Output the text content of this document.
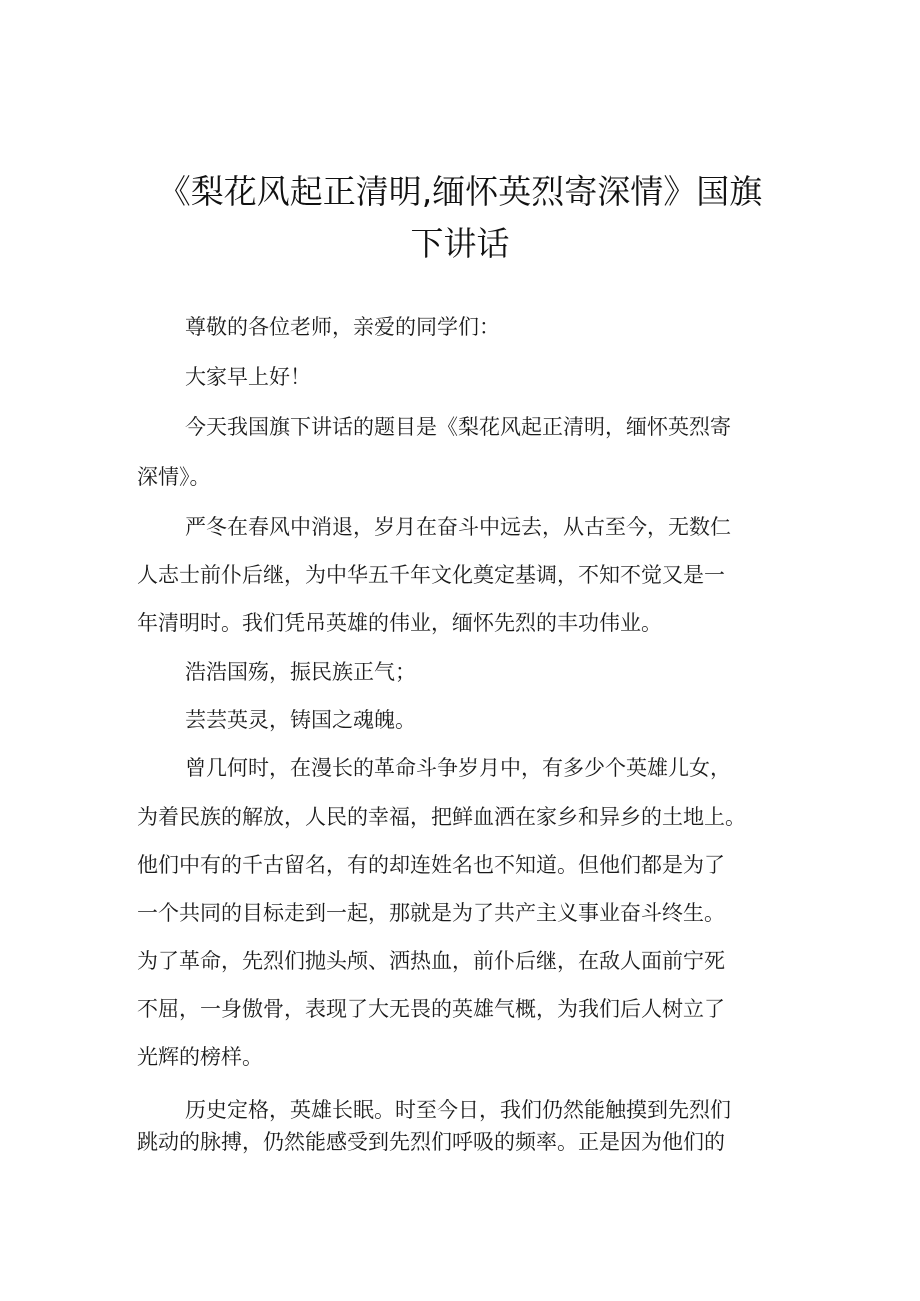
《梨花风起正清明,缅怀英烈寄深情》国旗
下讲话
尊敬的各位老师，亲爱的同学们：
大家早上好！
今天我国旗下讲话的题目是《梨花风起正清明，缅怀英烈寄
深情》。
严冬在春风中消退，岁月在奋斗中远去，从古至今，无数仁
人志士前仆后继，为中华五千年文化奠定基调，不知不觉又是一
年清明时。我们凭吊英雄的伟业，缅怀先烈的丰功伟业。
浩浩国殇，振民族正气；
芸芸英灵，铸国之魂魄。
曾几何时，在漫长的革命斗争岁月中，有多少个英雄儿女，
为着民族的解放，人民的幸福，把鲜血洒在家乡和异乡的土地上。
他们中有的千古留名，有的却连姓名也不知道。但他们都是为了
一个共同的目标走到一起，那就是为了共产主义事业奋斗终生。
为了革命，先烈们抛头颅、洒热血，前仆后继，在敌人面前宁死
不屈，一身傲骨，表现了大无畏的英雄气概，为我们后人树立了
光辉的榜样。
历史定格，英雄长眠。时至今日，我们仍然能触摸到先烈们
跳动的脉搏，仍然能感受到先烈们呼吸的频率。正是因为他们的
